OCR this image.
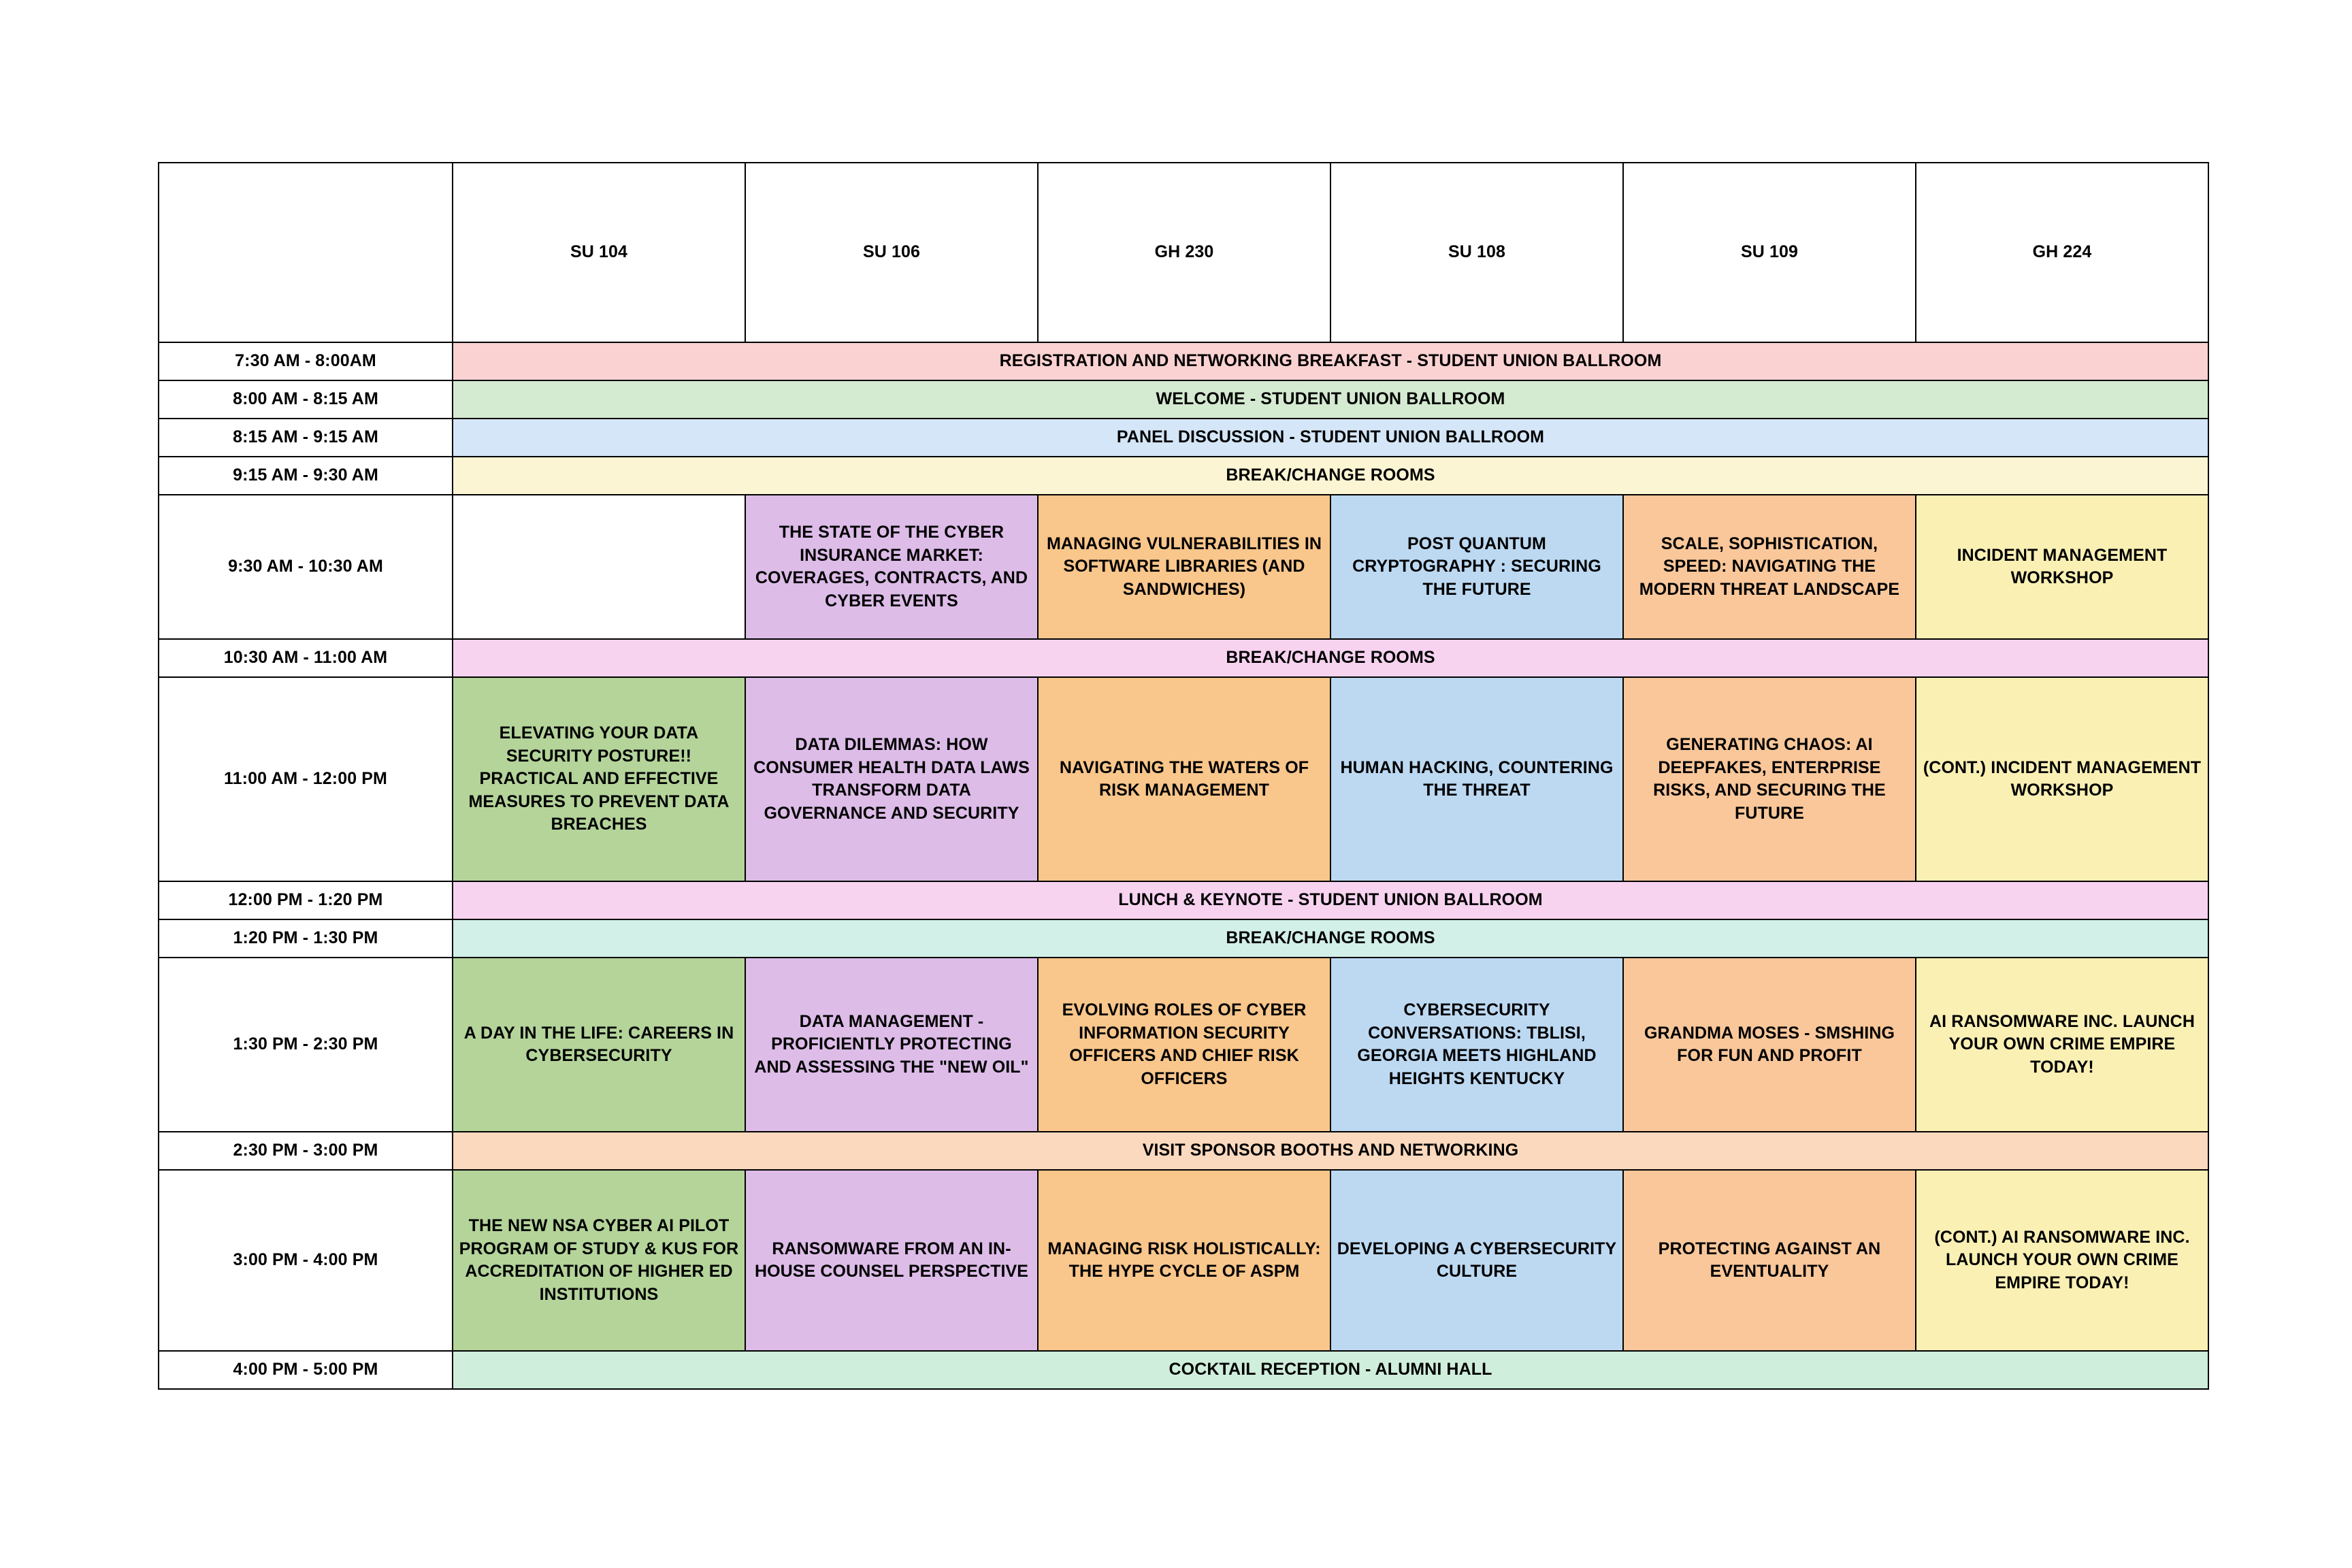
	SU 104	SU 106	GH 230	SU 108	SU 109	GH 224
7:30 AM - 8:00AM	REGISTRATION AND NETWORKING BREAKFAST - STUDENT UNION BALLROOM					
8:00 AM - 8:15 AM	WELCOME - STUDENT UNION BALLROOM					
8:15 AM - 9:15 AM	PANEL DISCUSSION - STUDENT UNION BALLROOM					
9:15 AM - 9:30 AM	BREAK/CHANGE ROOMS					
9:30 AM - 10:30 AM		THE STATE OF THE CYBER INSURANCE MARKET: COVERAGES, CONTRACTS, AND CYBER EVENTS	MANAGING VULNERABILITIES IN SOFTWARE LIBRARIES (AND SANDWICHES)	POST QUANTUM CRYPTOGRAPHY : SECURING THE FUTURE	SCALE, SOPHISTICATION, SPEED: NAVIGATING THE MODERN THREAT LANDSCAPE	INCIDENT MANAGEMENT WORKSHOP
10:30 AM - 11:00 AM	BREAK/CHANGE ROOMS					
11:00 AM - 12:00 PM	ELEVATING YOUR DATA SECURITY POSTURE!! PRACTICAL AND EFFECTIVE MEASURES TO PREVENT DATA BREACHES	DATA DILEMMAS: HOW CONSUMER HEALTH DATA LAWS TRANSFORM DATA GOVERNANCE AND SECURITY	NAVIGATING THE WATERS OF RISK MANAGEMENT	HUMAN HACKING, COUNTERING THE THREAT	GENERATING CHAOS: AI DEEPFAKES, ENTERPRISE RISKS, AND SECURING THE FUTURE	(CONT.) INCIDENT MANAGEMENT WORKSHOP
12:00 PM - 1:20 PM	LUNCH & KEYNOTE - STUDENT UNION BALLROOM					
1:20 PM - 1:30 PM	BREAK/CHANGE ROOMS					
1:30 PM - 2:30 PM	A DAY IN THE LIFE: CAREERS IN CYBERSECURITY	DATA MANAGEMENT - PROFICIENTLY PROTECTING AND ASSESSING THE "NEW OIL"	EVOLVING ROLES OF CYBER INFORMATION SECURITY OFFICERS AND CHIEF RISK OFFICERS	CYBERSECURITY CONVERSATIONS: TBLISI, GEORGIA MEETS HIGHLAND HEIGHTS KENTUCKY	GRANDMA MOSES - SMSHING FOR FUN AND PROFIT	AI RANSOMWARE INC. LAUNCH YOUR OWN CRIME EMPIRE TODAY!
2:30 PM - 3:00 PM	VISIT SPONSOR BOOTHS AND NETWORKING					
3:00 PM - 4:00 PM	THE NEW NSA CYBER AI PILOT PROGRAM OF STUDY & KUS FOR ACCREDITATION OF HIGHER ED INSTITUTIONS	RANSOMWARE FROM AN IN-HOUSE COUNSEL PERSPECTIVE	MANAGING RISK HOLISTICALLY: THE HYPE CYCLE OF ASPM	DEVELOPING A CYBERSECURITY CULTURE	PROTECTING AGAINST AN EVENTUALITY	(CONT.) AI RANSOMWARE INC. LAUNCH YOUR OWN CRIME EMPIRE TODAY!
4:00 PM - 5:00 PM	COCKTAIL RECEPTION - ALUMNI HALL					
